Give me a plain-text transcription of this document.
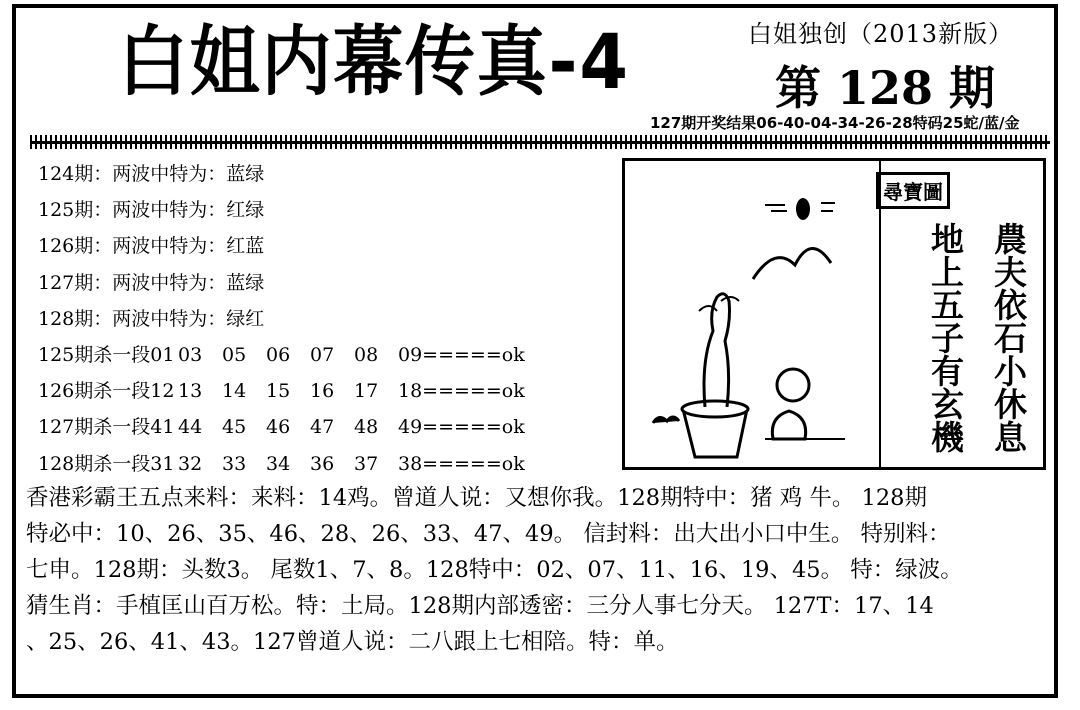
白姐内幕传真-4	白姐独创（2013新版）
第 128 期
127期开奖结果06-40-04-34-26-28特码25蛇/蓝/金
124期：两波中特为：蓝绿
125期：两波中特为：红绿
126期：两波中特为：红蓝
127期：两波中特为：蓝绿
128期：两波中特为：绿红
125期杀一段01 03 05 06 07 08 09=====ok
126期杀一段12 13 14 15 16 17 18=====ok
127期杀一段41 44 45 46 47 48 49=====ok
128期杀一段31 32 33 34 36 37 38=====ok
尋寶圖
農夫依石小休息
地上五子有玄機

香港彩霸王五点来料：来料：14鸡。曾道人说：又想你我。128期特中：猪 鸡 牛。 128期

特必中：10、26、35、46、28、26、33、47、49。 信封料：出大出小口中生。 特别料：

七申。128期：头数3。 尾数1、7、8。128特中：02、07、11、16、19、45。 特：绿波。

猜生肖：手植匡山百万松。特：土局。128期内部透密：三分人事七分天。 127T：17、14

、25、26、41、43。127曾道人说：二八跟上七相陪。特：单。
